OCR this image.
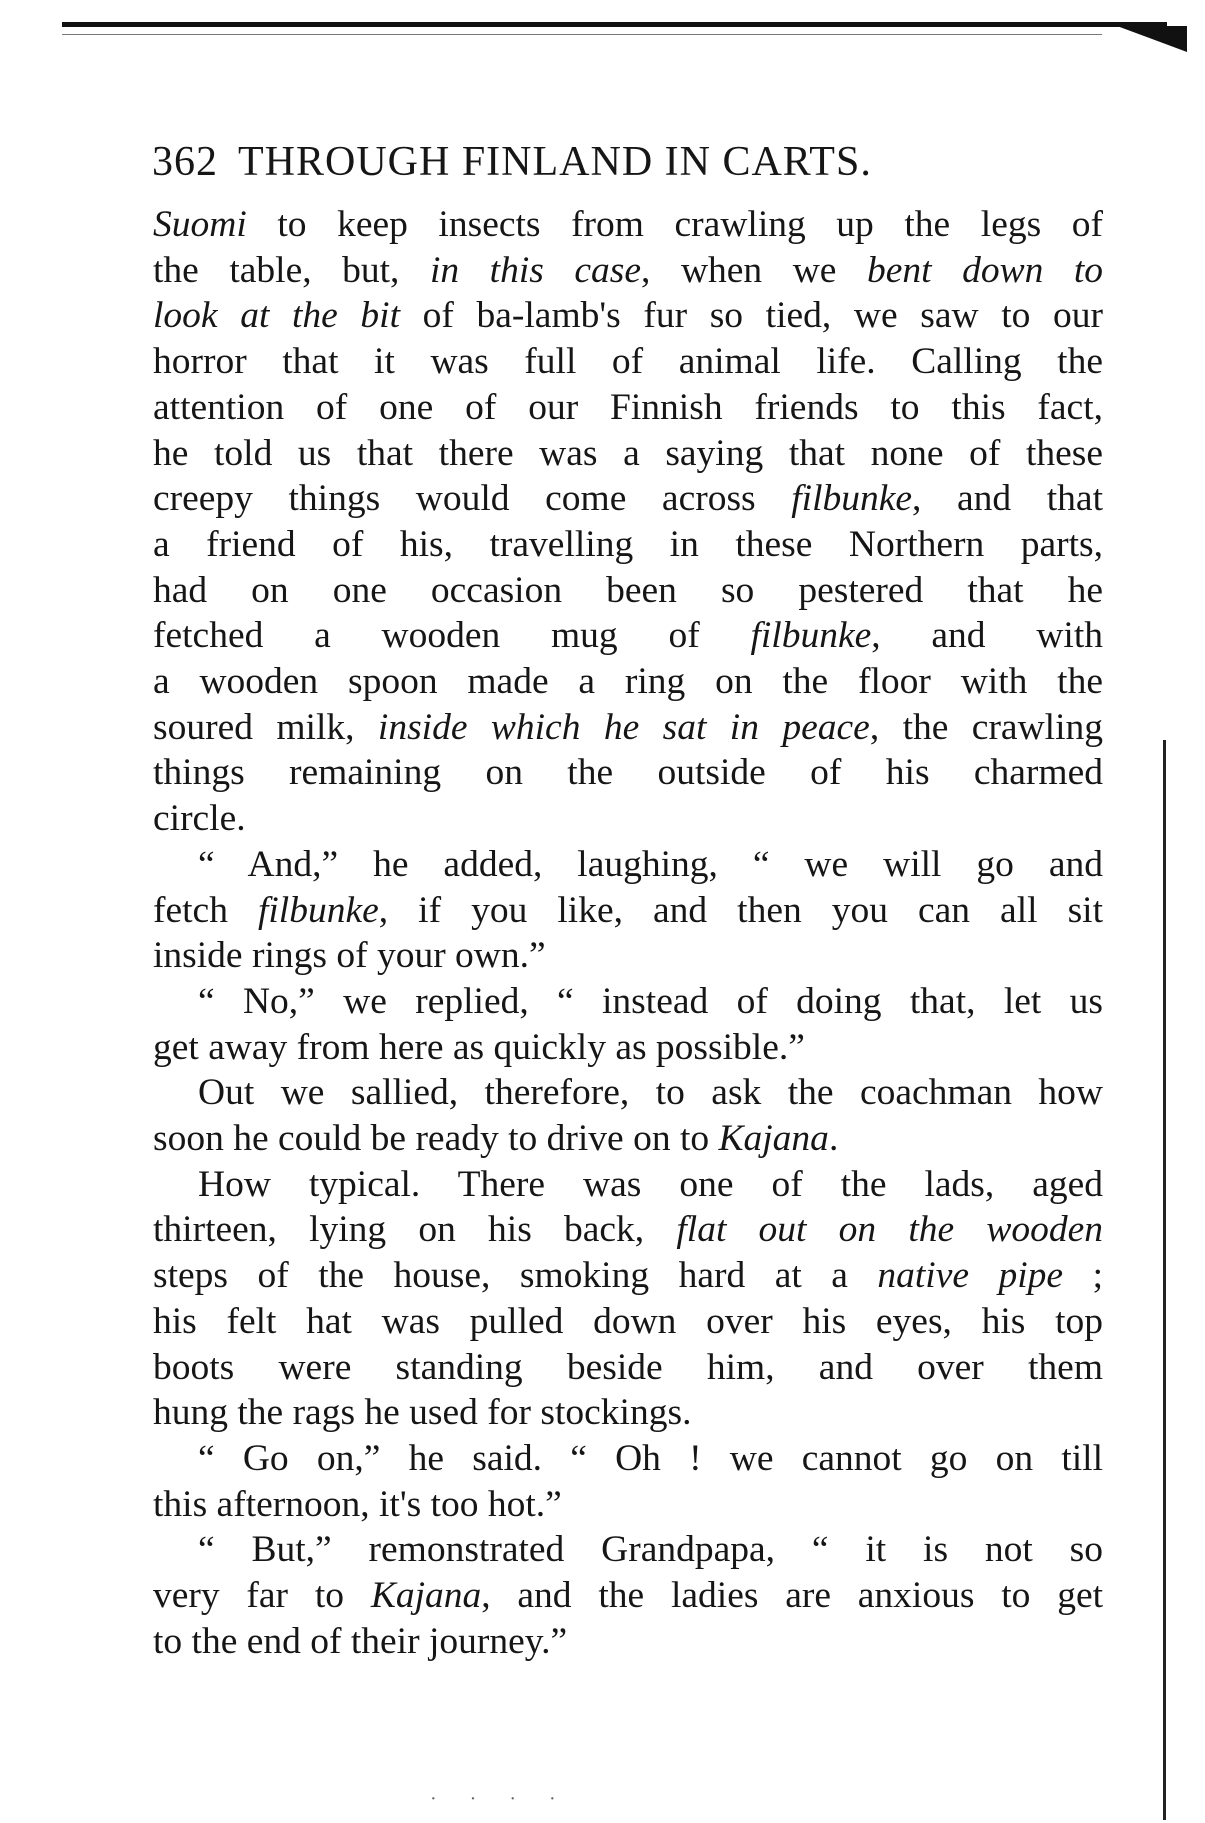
362 THROUGH FINLAND IN CARTS.

Suomi to keep insects from crawling up the legs of
the table, but, in this case, when we bent down to
look at the bit of ba-lamb's fur so tied, we saw to our
horror that it was full of animal life. Calling the
attention of one of our Finnish friends to this fact,
he told us that there was a saying that none of these
creepy things would come across filbunke, and that
a friend of his, travelling in these Northern parts,
had on one occasion been so pestered that he
fetched a wooden mug of filbunke, and with
a wooden spoon made a ring on the floor with the
soured milk, inside which he sat in peace, the crawling
things remaining on the outside of his charmed

circle.

“ And,” he added, laughing, “ we will go and
fetch filbunke, if you like, and then you can all sit

inside rings of your own.”

“ No,” we replied, “ instead of doing that, let us

get away from here as quickly as possible.”

Out we sallied, therefore, to ask the coachman how

soon he could be ready to drive on to Kajana.

How typical. There was one of the lads, aged
thirteen, lying on his back, flat out on the wooden
steps of the house, smoking hard at a native pipe ;
his felt hat was pulled down over his eyes, his top
boots were standing beside him, and over them

hung the rags he used for stockings.

“ Go on,” he said. “ Oh ! we cannot go on till

this afternoon, it's too hot.”

“ But,” remonstrated Grandpapa, “ it is not so
very far to Kajana, and the ladies are anxious to get

to the end of their journey.”

· · · ·
